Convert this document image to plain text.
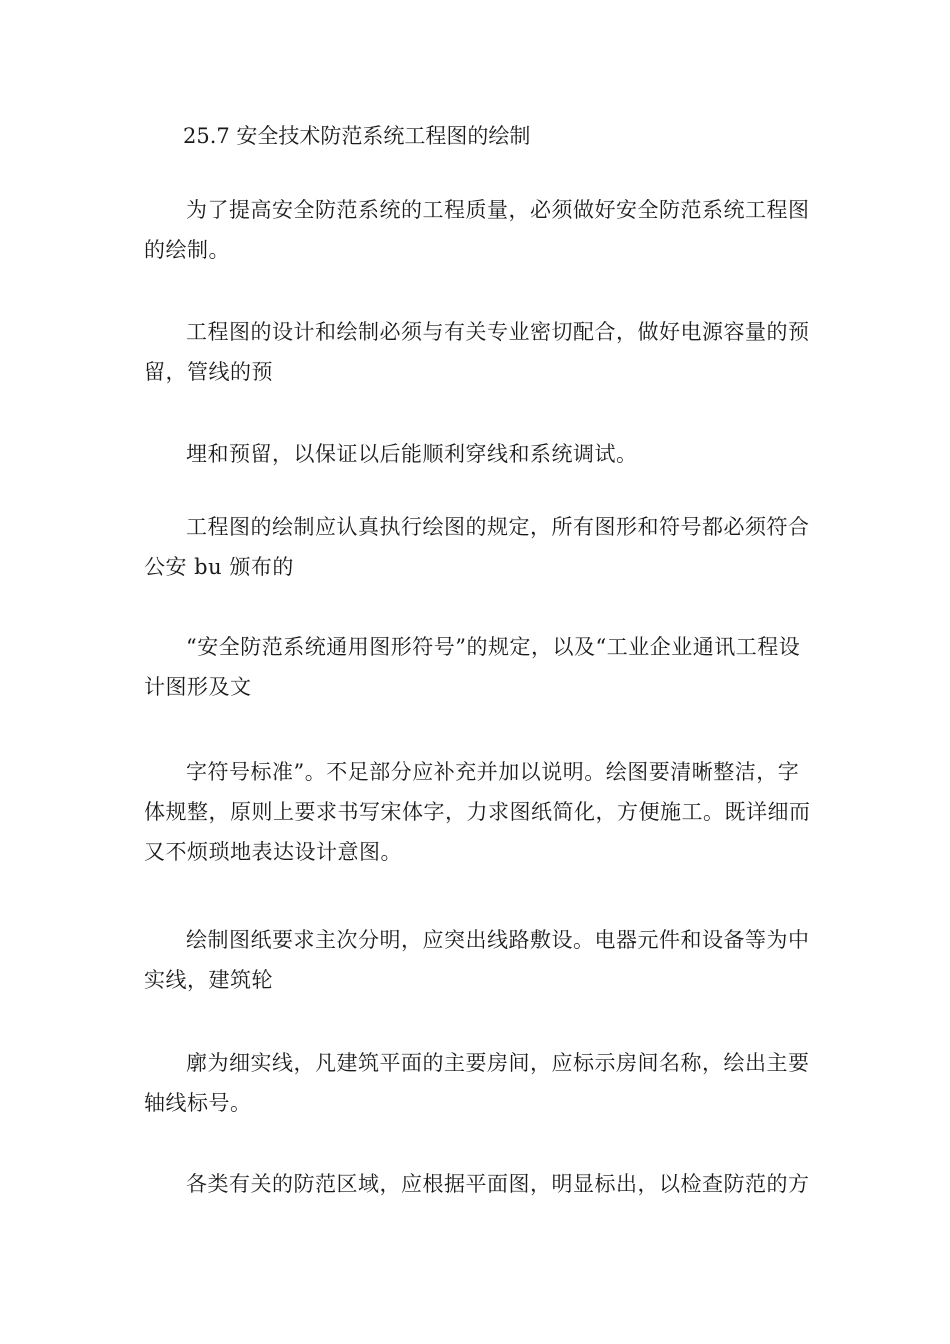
25.7 安全技术防范系统工程图的绘制

为了提高安全防范系统的工程质量，必须做好安全防范系统工程图的绘制。

工程图的设计和绘制必须与有关专业密切配合，做好电源容量的预留，管线的预

埋和预留，以保证以后能顺利穿线和系统调试。

工程图的绘制应认真执行绘图的规定，所有图形和符号都必须符合公安 bu 颁布的

“安全防范系统通用图形符号”的规定，以及“工业企业通讯工程设计图形及文

字符号标准”。不足部分应补充并加以说明。绘图要清晰整洁，字体规整，原则上要求书写宋体字，力求图纸简化，方便施工。既详细而又不烦琐地表达设计意图。

绘制图纸要求主次分明，应突出线路敷设。电器元件和设备等为中实线，建筑轮

廓为细实线，凡建筑平面的主要房间，应标示房间名称，绘出主要轴线标号。

各类有关的防范区域，应根据平面图，明显标出，以检查防范的方
